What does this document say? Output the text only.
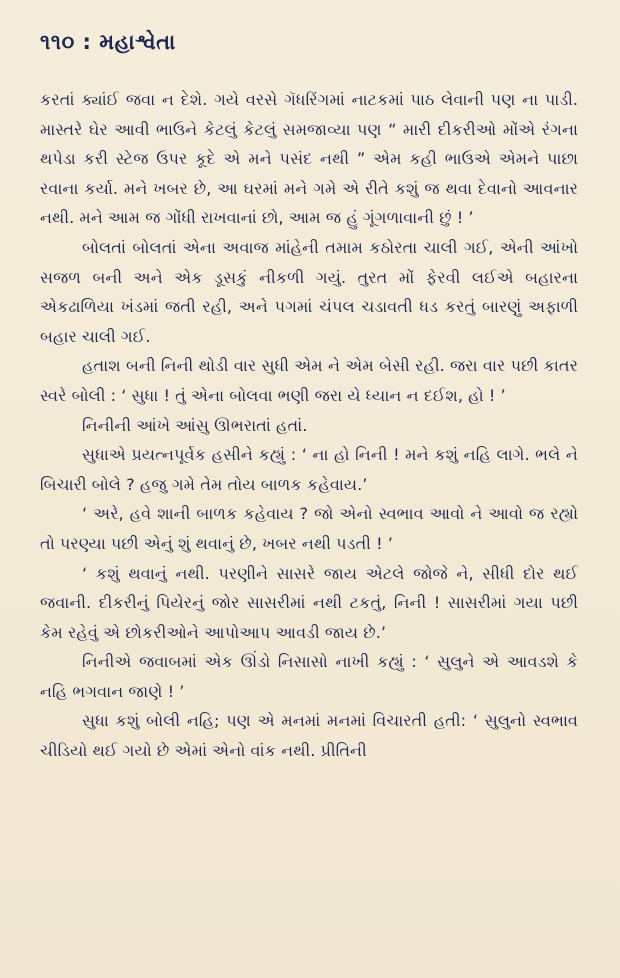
૧૧૦ : મહાશ્વેતા

કરતાં ક્યાંઈ જવા ન દેશે. ગયે વરસે ગૅધરિંગમાં નાટકમાં પાઠ લેવાની પણ ના પાડી. માસ્તરે ઘેર આવી ભાઉને કેટલું કેટલું સમજાવ્યા પણ “ મારી દીકરીઓ મોંએ રંગના થપેડા કરી સ્ટેજ ઉપર કૂદે એ મને પસંદ નથી ” એમ કહી ભાઉએ એમને પાછા રવાના કર્યા. મને ખબર છે, આ ઘરમાં મને ગમે એ રીતે કશું જ થવા દેવાનો આવનાર નથી. મને આમ જ ગોંધી રાખવાનાં છો, આમ જ હું ગૂંગળાવાની છું ! ’

બોલતાં બોલતાં એના અવાજ માંહેની તમામ કઠોરતા ચાલી ગઈ, એની આંખો સજળ બની અને એક ડૂસકું નીકળી ગયું. તુરત મોં ફેરવી લઈએ બહારના એકઢાળિયા ખંડમાં જતી રહી, અને પગમાં ચંપલ ચડાવતી ધડ કરતું બારણું અફાળી બહાર ચાલી ગઈ.

હતાશ બની નિની થોડી વાર સુધી એમ ને એમ બેસી રહી. જરા વાર પછી કાતર સ્વરે બોલી : ‘ સુધા ! તું એના બોલવા ભણી જરા યે ધ્યાન ન દઈશ, હો ! ’

નિનીની આંખે આંસુ ઊભરાતાં હતાં.

સુધાએ પ્રયત્નપૂર્વક હસીને કહ્યું : ‘ ના હો નિની ! મને કશું નહિ લાગે. ભલે ને બિચારી બોલે ? હજુ ગમે તેમ તોય બાળક કહેવાય.’

‘ અરે, હવે શાની બાળક કહેવાય ? જો એનો સ્વભાવ આવો ને આવો જ રહ્યો તો પરણ્યા પછી એનું શું થવાનું છે, ખબર નથી પડતી ! ’

‘ કશું થવાનું નથી. પરણીને સાસરે જાય એટલે જોજે ને, સીધી દોર થઈ જવાની. દીકરીનું પિયેરનું જોર સાસરીમાં નથી ટકતું, નિની ! સાસરીમાં ગયા પછી કેમ રહેવું એ છોકરીઓને આપોઆપ આવડી જાય છે.’

નિનીએ જવાબમાં એક ઊંડો નિસાસો નાખી કહ્યું : ‘ સુલુને એ આવડશે કે નહિ ભગવાન જાણે ! ’

સુધા કશું બોલી નહિ; પણ એ મનમાં મનમાં વિચારતી હતી: ‘ સુલુનો સ્વભાવ ચીડિયો થઈ ગયો છે એમાં એનો વાંક નથી. પ્રીતિની
